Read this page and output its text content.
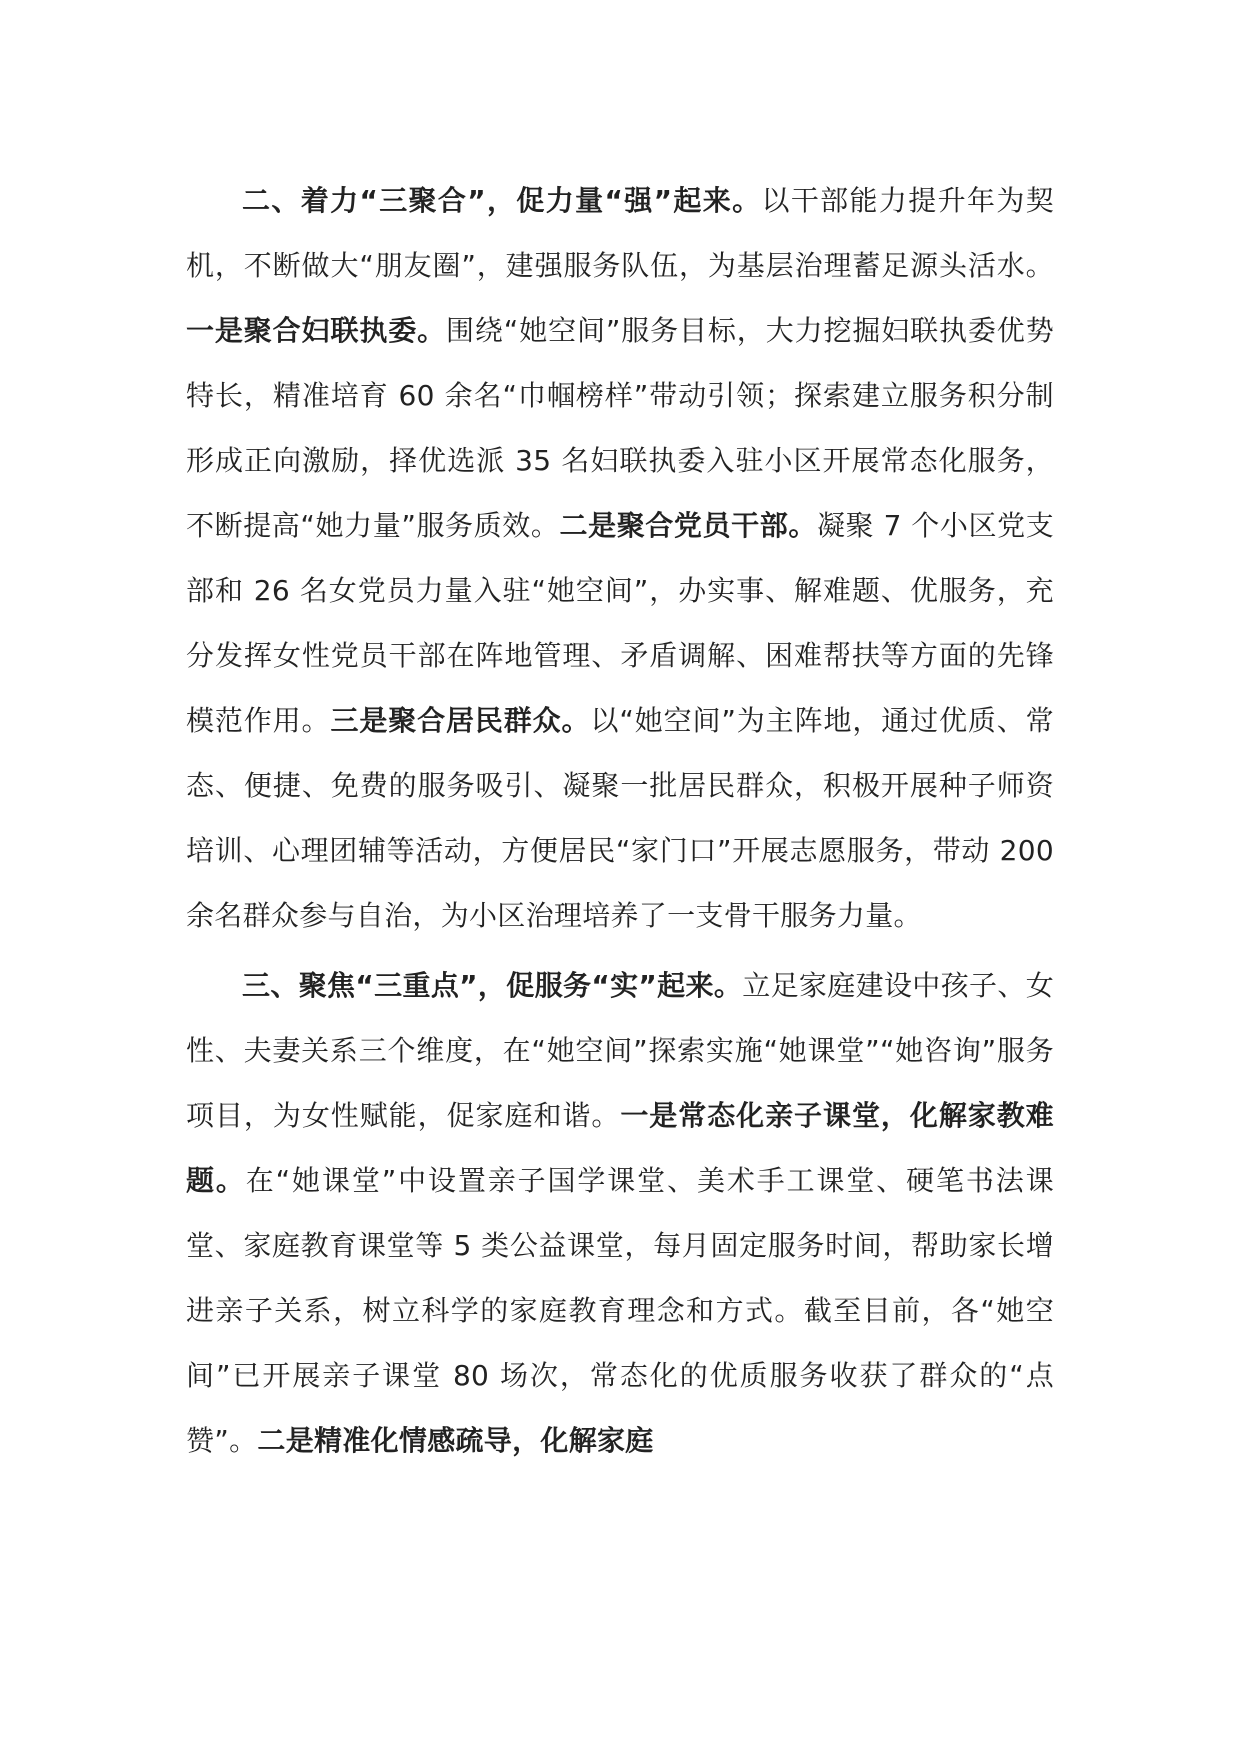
二、着力“三聚合”，促力量“强”起来。以干部能力提升年为契机，不断做大“朋友圈”，建强服务队伍，为基层治理蓄足源头活水。一是聚合妇联执委。围绕“她空间”服务目标，大力挖掘妇联执委优势特长，精准培育 60 余名“巾帼榜样”带动引领；探索建立服务积分制形成正向激励，择优选派 35 名妇联执委入驻小区开展常态化服务，不断提高“她力量”服务质效。二是聚合党员干部。凝聚 7 个小区党支部和 26 名女党员力量入驻“她空间”，办实事、解难题、优服务，充分发挥女性党员干部在阵地管理、矛盾调解、困难帮扶等方面的先锋模范作用。三是聚合居民群众。以“她空间”为主阵地，通过优质、常态、便捷、免费的服务吸引、凝聚一批居民群众，积极开展种子师资培训、心理团辅等活动，方便居民“家门口”开展志愿服务，带动 200 余名群众参与自治，为小区治理培养了一支骨干服务力量。

三、聚焦“三重点”，促服务“实”起来。立足家庭建设中孩子、女性、夫妻关系三个维度，在“她空间”探索实施“她课堂”“她咨询”服务项目，为女性赋能，促家庭和谐。一是常态化亲子课堂，化解家教难题。在“她课堂”中设置亲子国学课堂、美术手工课堂、硬笔书法课堂、家庭教育课堂等 5 类公益课堂，每月固定服务时间，帮助家长增进亲子关系，树立科学的家庭教育理念和方式。截至目前，各“她空间”已开展亲子课堂 80 场次，常态化的优质服务收获了群众的“点赞”。二是精准化情感疏导，化解家庭
